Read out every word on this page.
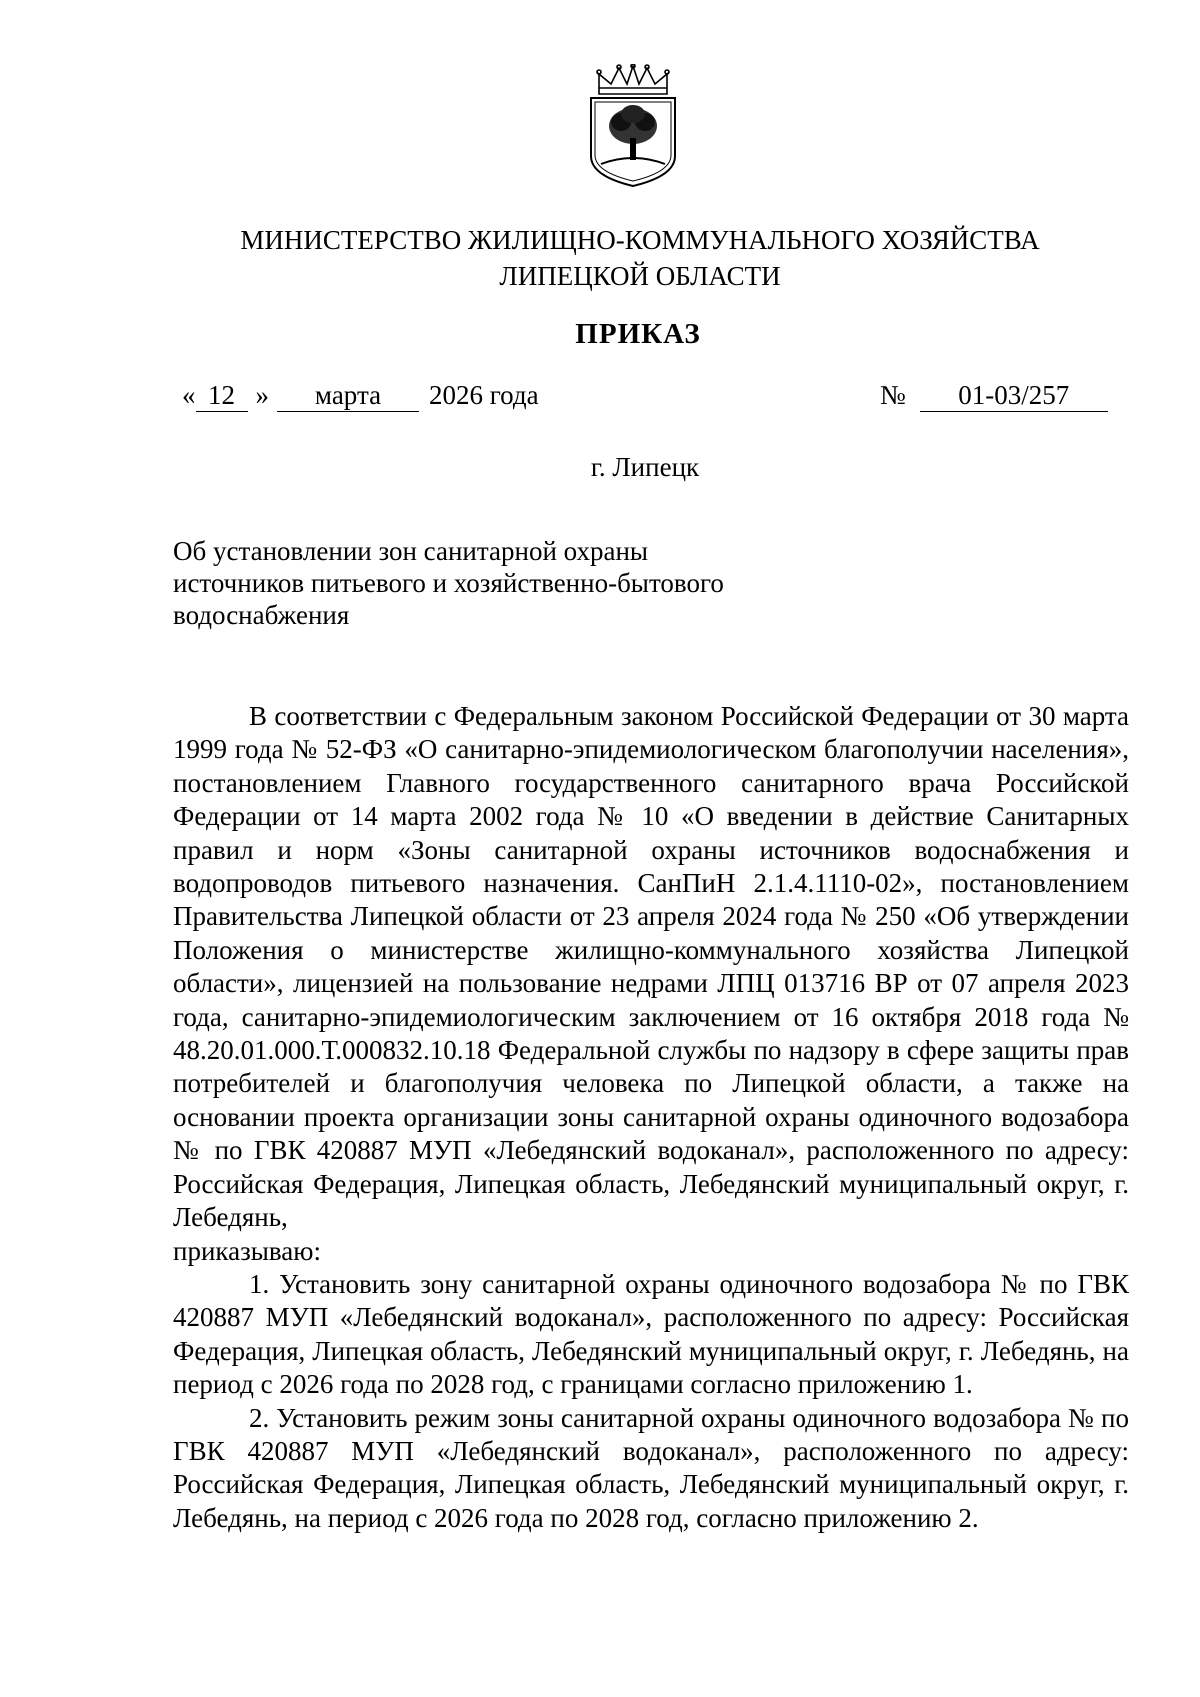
МИНИСТЕРСТВО ЖИЛИЩНО-КОММУНАЛЬНОГО ХОЗЯЙСТВА
ЛИПЕЦКОЙ ОБЛАСТИ
ПРИКАЗ
« 12 » марта 2026 года	№ 01-03/257
г. Липецк
Об установлении зон санитарной охраны
источников питьевого и хозяйственно-бытового
водоснабжения

В соответствии с Федеральным законом Российской Федерации от 30 марта 1999 года № 52-ФЗ «О санитарно-эпидемиологическом благополучии населения», постановлением Главного государственного санитарного врача Российской Федерации от 14 марта 2002 года № 10 «О введении в действие Санитарных правил и норм «Зоны санитарной охраны источников водоснабжения и водопроводов питьевого назначения. СанПиН 2.1.4.1110-02», постановлением Правительства Липецкой области от 23 апреля 2024 года № 250 «Об утверждении Положения о министерстве жилищно-коммунального хозяйства Липецкой области», лицензией на пользование недрами ЛПЦ 013716 ВР от 07 апреля 2023 года, санитарно-эпидемиологическим заключением от 16 октября 2018 года № 48.20.01.000.Т.000832.10.18 Федеральной службы по надзору в сфере защиты прав потребителей и благополучия человека по Липецкой области, а также на основании проекта организации зоны санитарной охраны одиночного водозабора № по ГВК 420887 МУП «Лебедянский водоканал», расположенного по адресу: Российская Федерация, Липецкая область, Лебедянский муниципальный округ, г. Лебедянь,

приказываю:

1. Установить зону санитарной охраны одиночного водозабора № по ГВК 420887 МУП «Лебедянский водоканал», расположенного по адресу: Российская Федерация, Липецкая область, Лебедянский муниципальный округ, г. Лебедянь, на период с 2026 года по 2028 год, с границами согласно приложению 1.

2. Установить режим зоны санитарной охраны одиночного водозабора № по ГВК 420887 МУП «Лебедянский водоканал», расположенного по адресу: Российская Федерация, Липецкая область, Лебедянский муниципальный округ, г. Лебедянь, на период с 2026 года по 2028 год, согласно приложению 2.
